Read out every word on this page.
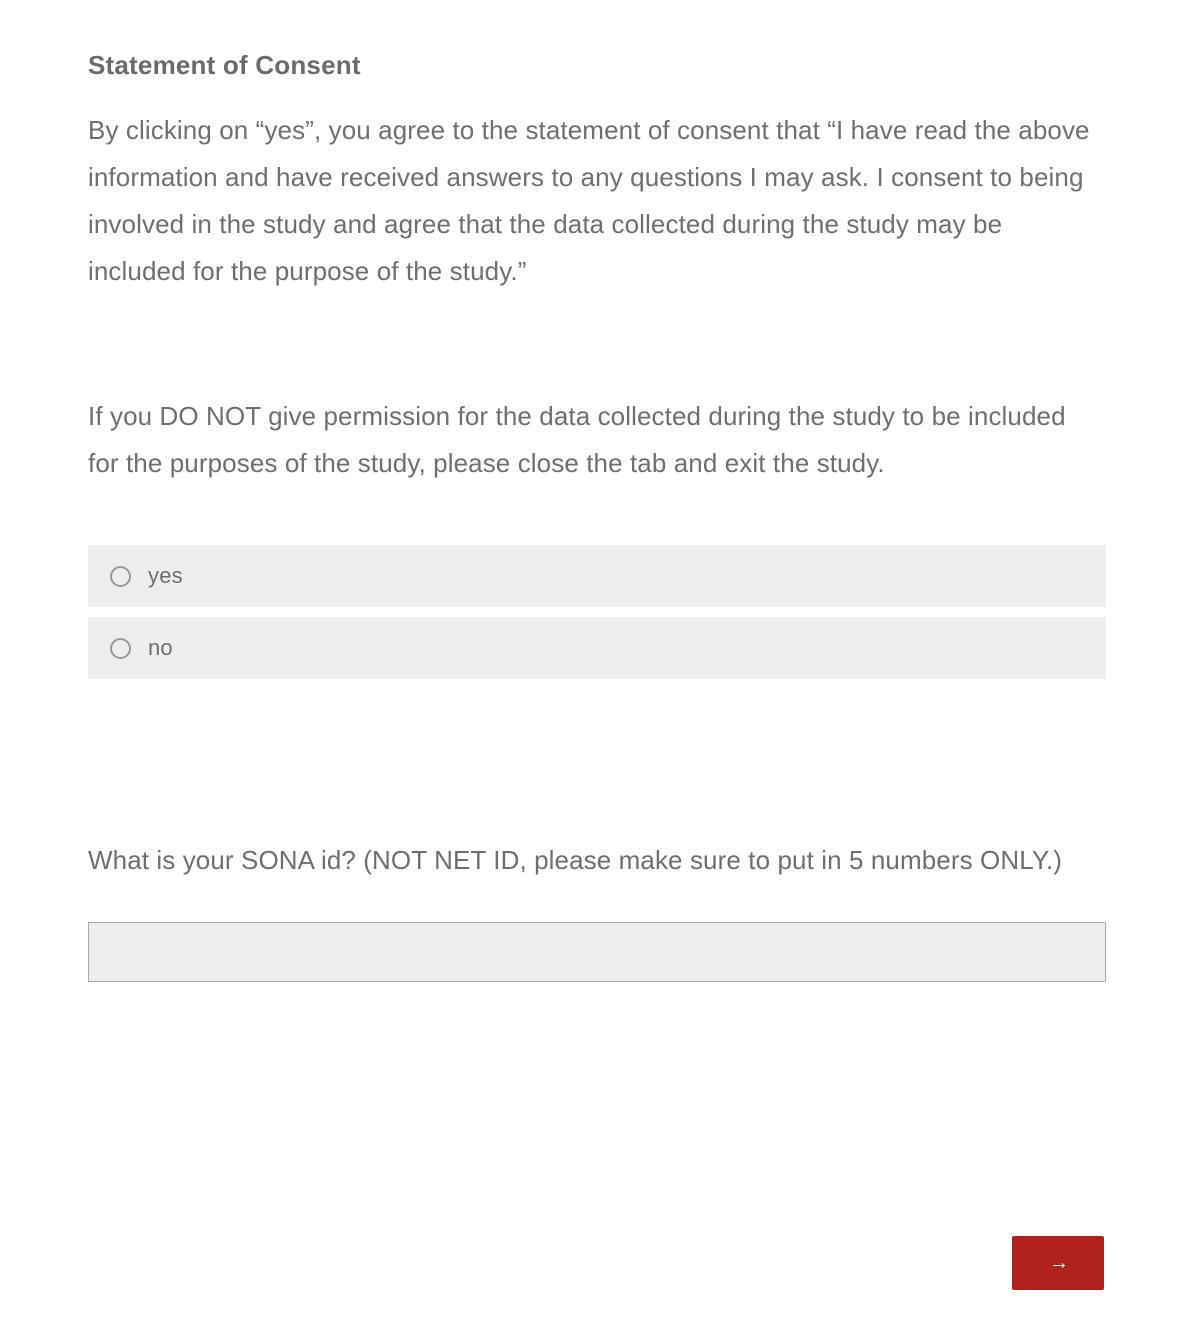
Statement of Consent

By clicking on “yes”, you agree to the statement of consent that “I have read the above information and have received answers to any questions I may ask. I consent to being involved in the study and agree that the data collected during the study may be included for the purpose of the study.”

If you DO NOT give permission for the data collected during the study to be included for the purposes of the study, please close the tab and exit the study.

yes
no

What is your SONA id? (NOT NET ID, please make sure to put in 5 numbers ONLY.)

→
